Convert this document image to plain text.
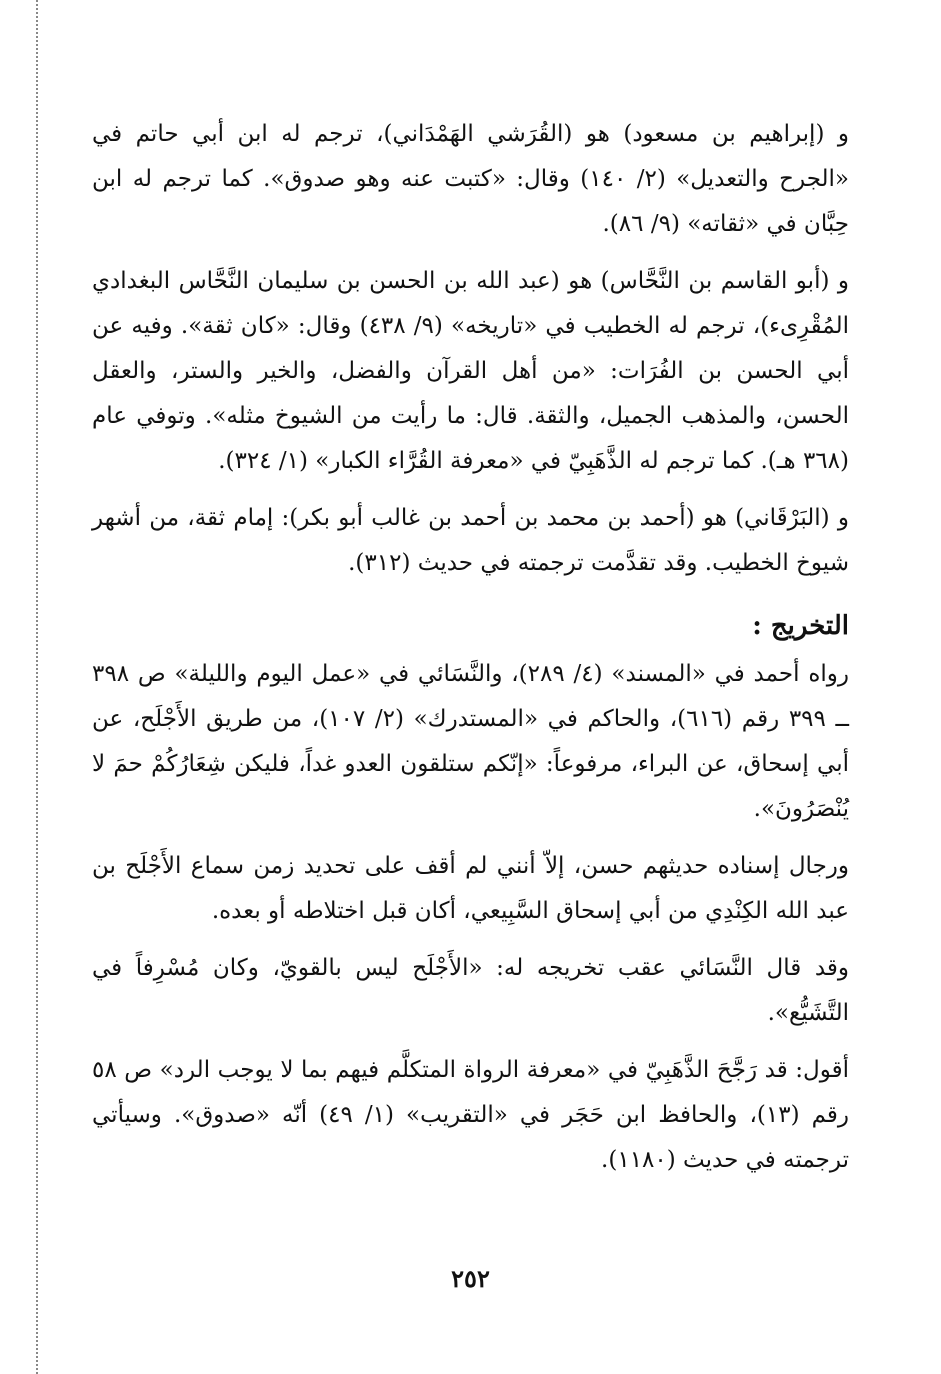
و (إبراهيم بن مسعود) هو (القُرَشي الهَمْدَاني)، ترجم له ابن أبي حاتم في «الجرح والتعديل» (٢/ ١٤٠) وقال: «كتبت عنه وهو صدوق». كما ترجم له ابن حِبَّان في «ثقاته» (٩/ ٨٦).

و (أبو القاسم بن النَّحَّاس) هو (عبد الله بن الحسن بن سليمان النَّحَّاس البغدادي المُقْرِىء)، ترجم له الخطيب في «تاريخه» (٩/ ٤٣٨) وقال: «كان ثقة». وفيه عن أبي الحسن بن الفُرَات: «من أهل القرآن والفضل، والخير والستر، والعقل الحسن، والمذهب الجميل، والثقة. قال: ما رأيت من الشيوخ مثله». وتوفي عام (٣٦٨ هـ). كما ترجم له الذَّهَبِيّ في «معرفة القُرَّاء الكبار» (١/ ٣٢٤).

و (البَرْقَاني) هو (أحمد بن محمد بن أحمد بن غالب أبو بكر): إمام ثقة، من أشهر شيوخ الخطيب. وقد تقدَّمت ترجمته في حديث (٣١٢).

التخريج :

رواه أحمد في «المسند» (٤/ ٢٨٩)، والنَّسَائي في «عمل اليوم والليلة» ص ٣٩٨ ــ ٣٩٩ رقم (٦١٦)، والحاكم في «المستدرك» (٢/ ١٠٧)، من طريق الأَجْلَح، عن أبي إسحاق، عن البراء، مرفوعاً: «إنّكم ستلقون العدو غداً، فليكن شِعَارُكُمْ حمَ لا يُنْصَرُونَ».

ورجال إسناده حديثهم حسن، إلاّ أنني لم أقف على تحديد زمن سماع الأَجْلَح بن عبد الله الكِنْدِي من أبي إسحاق السَّبِيعي، أكان قبل اختلاطه أو بعده.

وقد قال النَّسَائي عقب تخريجه له: «الأَجْلَح ليس بالقويّ، وكان مُسْرِفاً في التَّشَيُّع».

أقول: قد رَجَّحَ الذَّهَبِيّ في «معرفة الرواة المتكلَّم فيهم بما لا يوجب الرد» ص ٥٨ رقم (١٣)، والحافظ ابن حَجَر في «التقريب» (١/ ٤٩) أنّه «صدوق». وسيأتي ترجمته في حديث (١١٨٠).

٢٥٢
